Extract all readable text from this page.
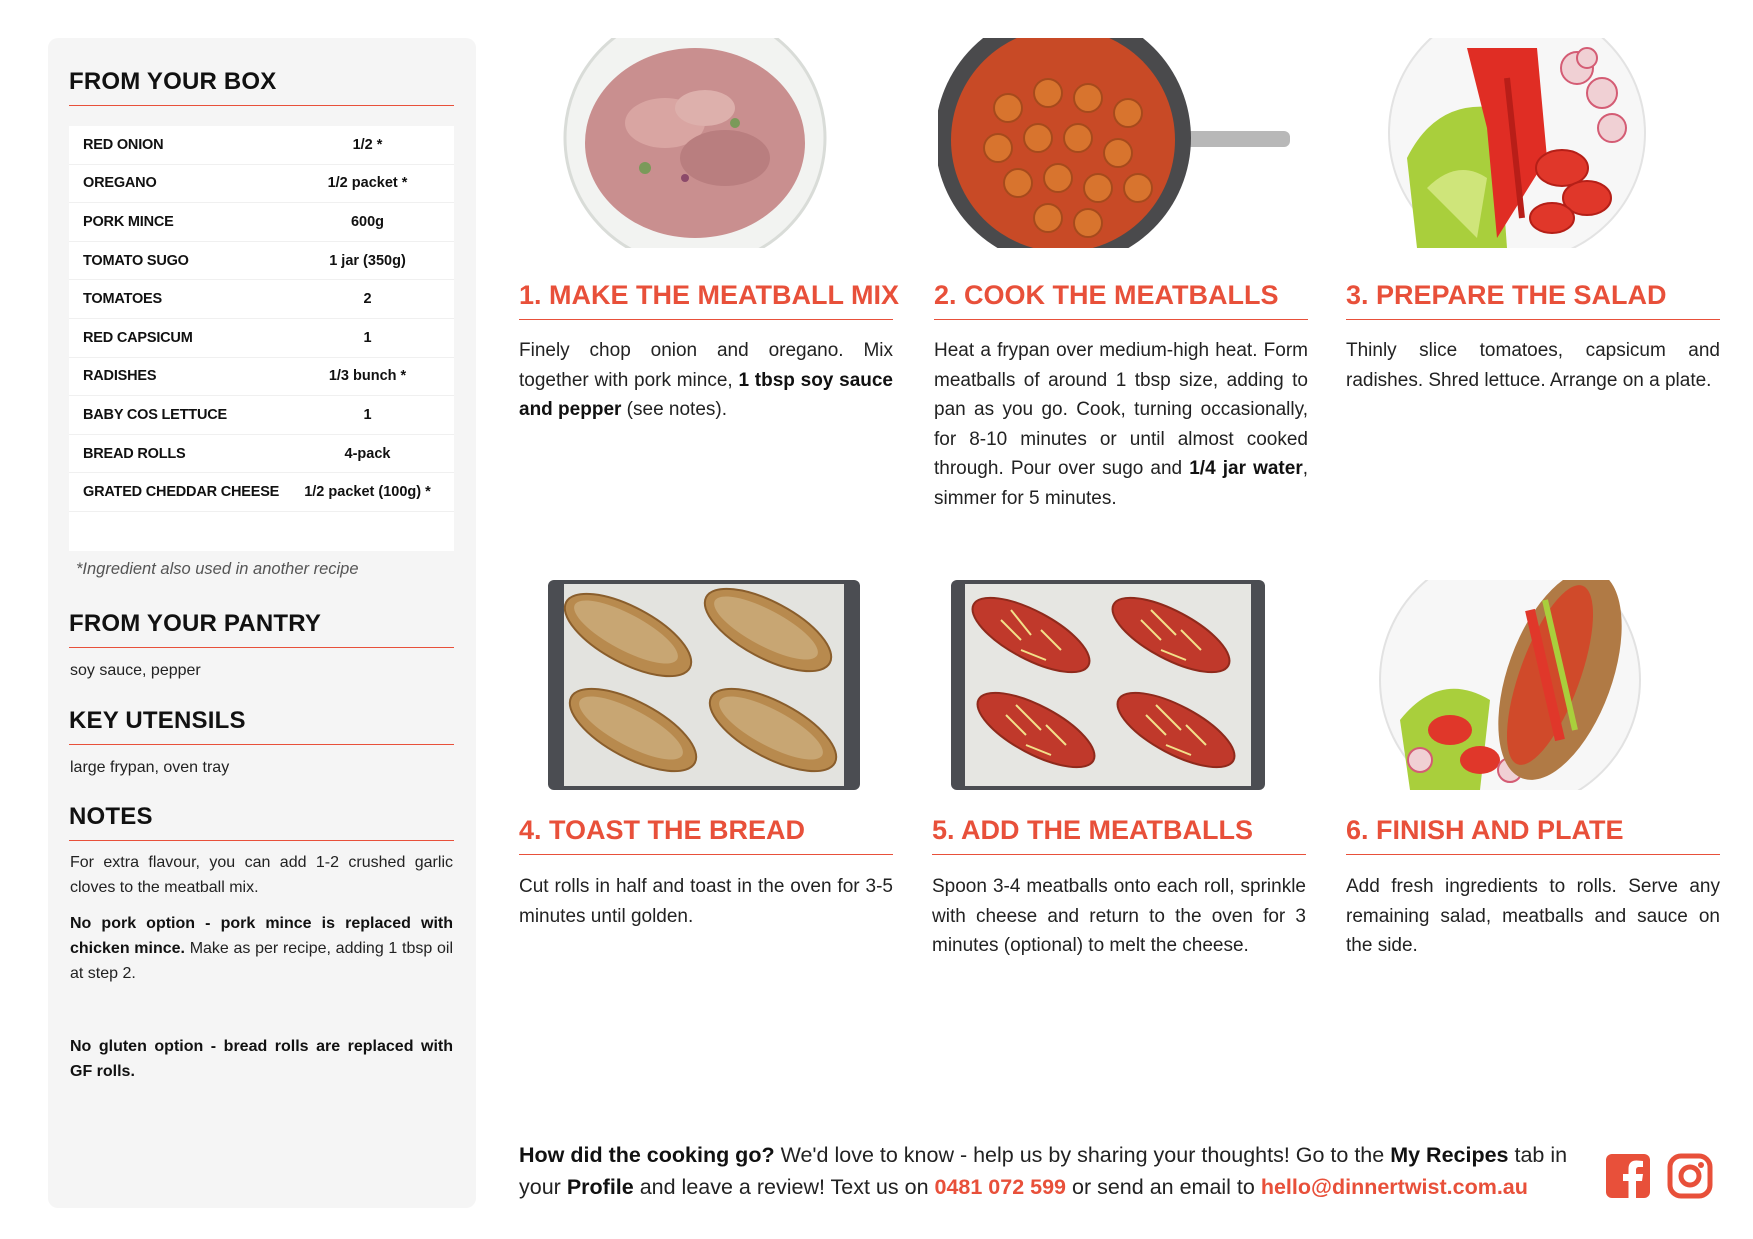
FROM YOUR BOX
RED ONION	1/2 *
OREGANO	1/2 packet *
PORK MINCE	600g
TOMATO SUGO	1 jar (350g)
TOMATOES	2
RED CAPSICUM	1
RADISHES	1/3 bunch *
BABY COS LETTUCE	1
BREAD ROLLS	4-pack
GRATED CHEDDAR CHEESE	1/2 packet (100g) *
*Ingredient also used in another recipe
FROM YOUR PANTRY
soy sauce, pepper
KEY UTENSILS
large frypan, oven tray
NOTES
For extra flavour, you can add 1-2 crushed garlic cloves to the meatball mix.
No pork option - pork mince is replaced with chicken mince. Make as per recipe, adding 1 tbsp oil at step 2.
No gluten option - bread rolls are replaced with GF rolls.
1. MAKE THE MEATBALL MIX
Finely chop onion and oregano. Mix together with pork mince, 1 tbsp soy sauce and pepper (see notes).
2. COOK THE MEATBALLS
Heat a frypan over medium-high heat. Form meatballs of around 1 tbsp size, adding to pan as you go. Cook, turning occasionally, for 8-10 minutes or until almost cooked through. Pour over sugo and 1/4 jar water, simmer for 5 minutes.
3. PREPARE THE SALAD
Thinly slice tomatoes, capsicum and radishes. Shred lettuce. Arrange on a plate.
4. TOAST THE BREAD
Cut rolls in half and toast in the oven for 3-5 minutes until golden.
5. ADD THE MEATBALLS
Spoon 3-4 meatballs onto each roll, sprinkle with cheese and return to the oven for 3 minutes (optional) to melt the cheese.
6. FINISH AND PLATE
Add fresh ingredients to rolls. Serve any remaining salad, meatballs and sauce on the side.
How did the cooking go? We'd love to know - help us by sharing your thoughts! Go to the My Recipes tab in your Profile and leave a review! Text us on 0481 072 599 or send an email to hello@dinnertwist.com.au
